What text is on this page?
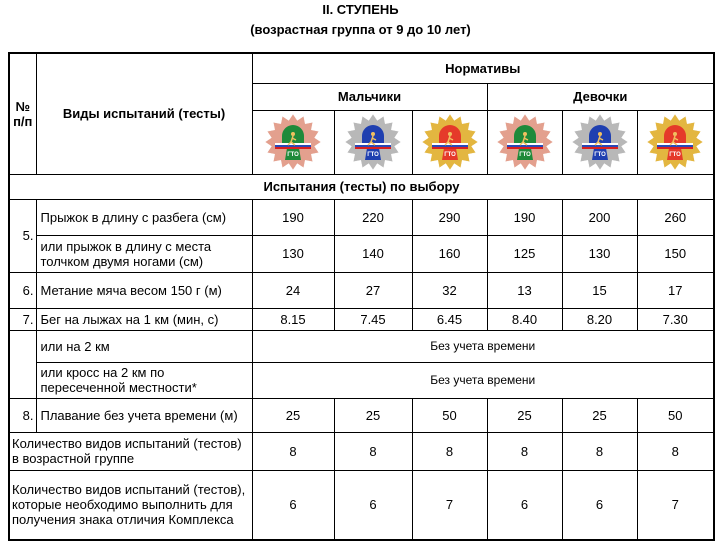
II. СТУПЕНЬ
(возрастная группа от 9 до 10 лет)
№ п/п	Виды испытаний (тесты)	Нормативы					
		Мальчики			Девочки		

ГТО	ГТО	ГТО	ГТО	ГТО	ГТО

Испытания (тесты) по выбору							
5.	Прыжок в длину с разбега (см)	190	220	290	190	200	260
	или прыжок в длину с места толчком двумя ногами (см)	130	140	160	125	130	150
6.	Метание мяча весом 150 г (м)	24	27	32	13	15	17
7.	Бег на лыжах на 1 км (мин, с)	8.15	7.45	6.45	8.40	8.20	7.30
	или на 2 км	Без учета времени					
	или кросс на 2 км по пересеченной местности*	Без учета времени					
8.	Плавание без учета времени (м)	25	25	50	25	25	50
Количество видов испытаний (тестов) в возрастной группе		8	8	8	8	8	8
Количество видов испытаний (тестов), которые необходимо выполнить для получения знака отличия Комплекса		6	6	7	6	6	7
